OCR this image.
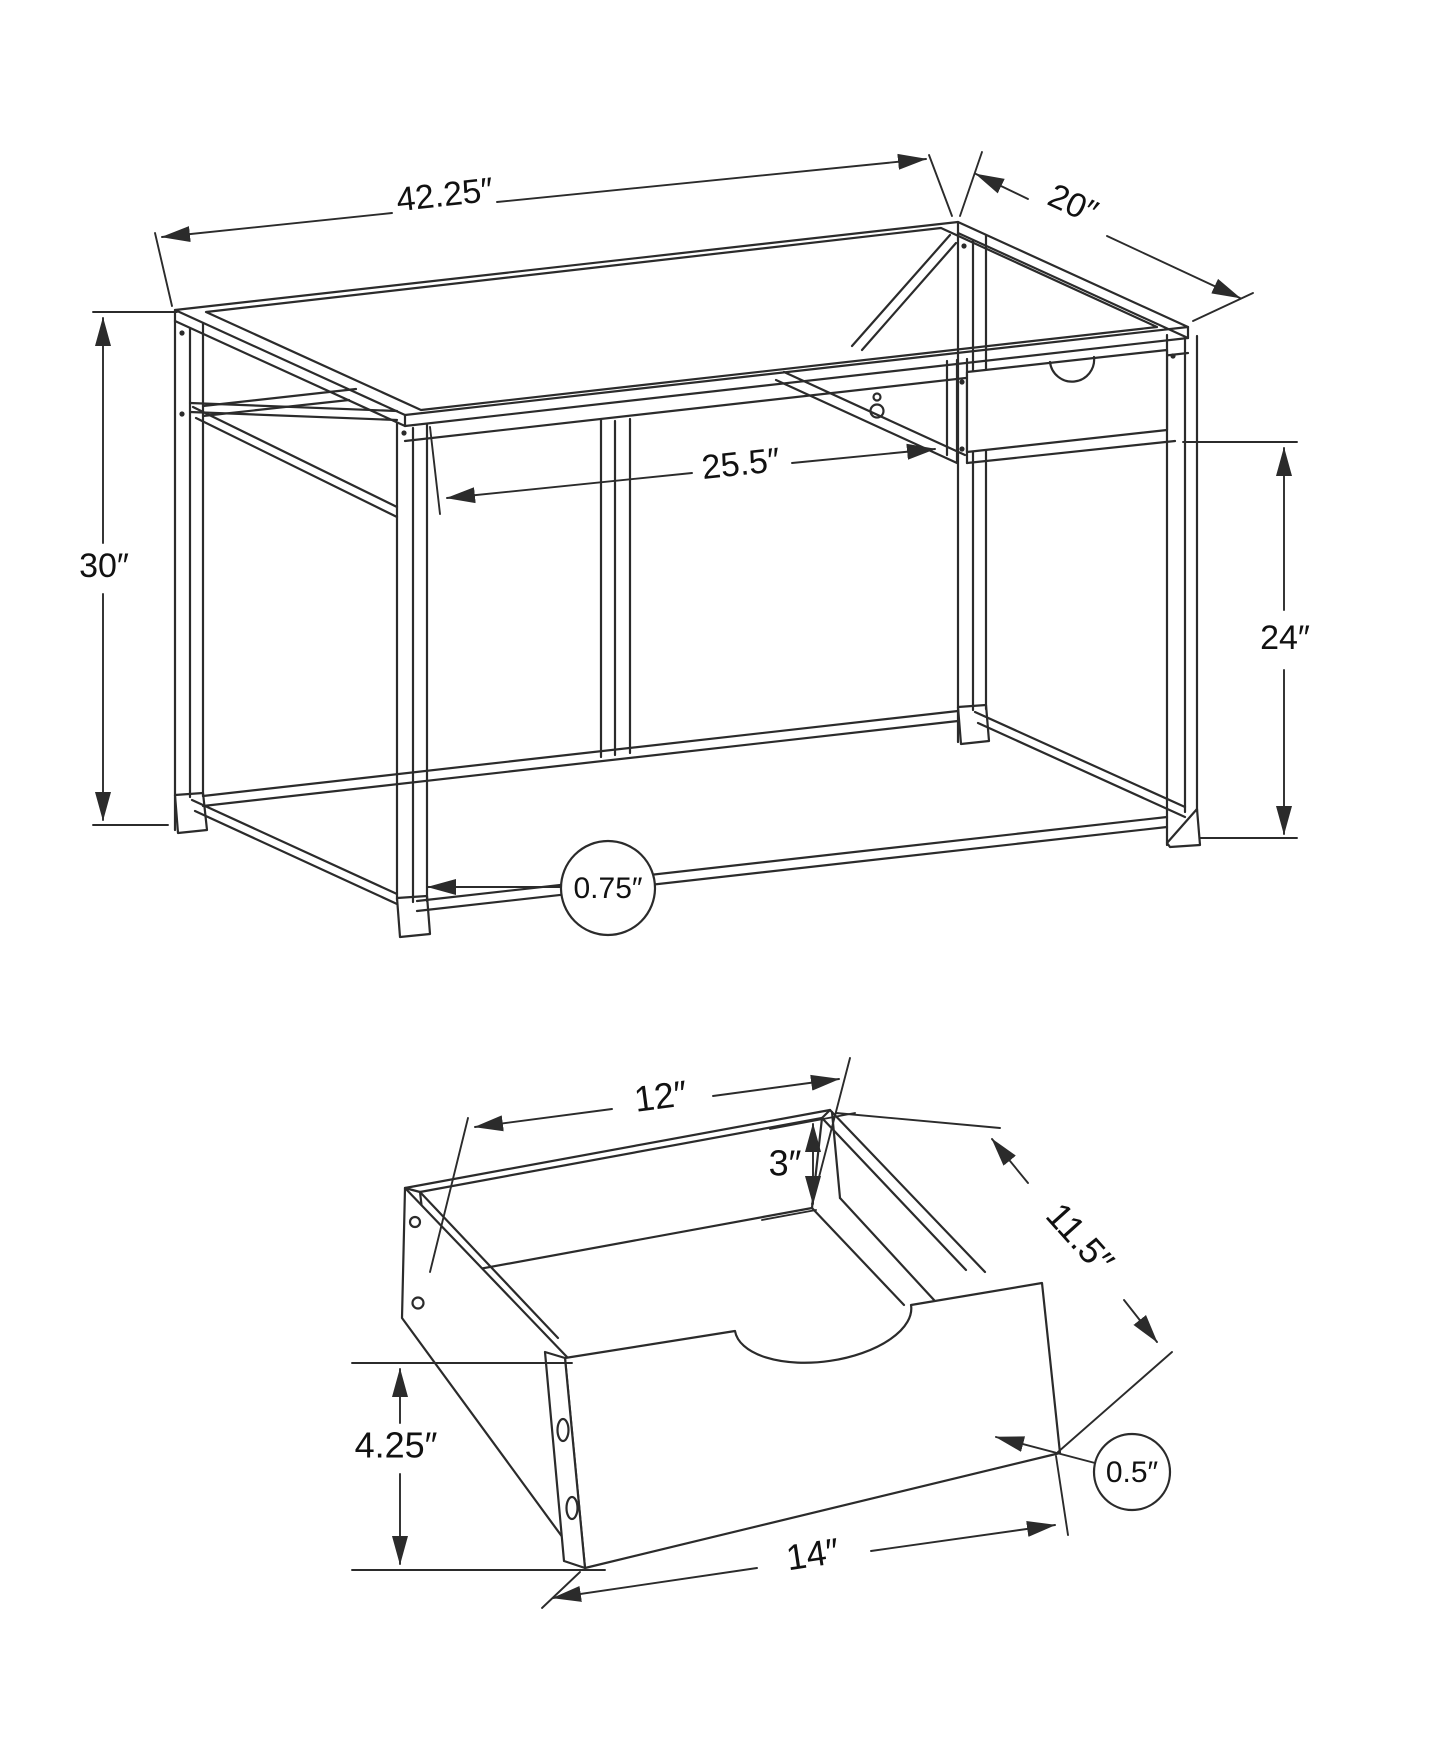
42.25″	20″
30″
25.5″
24″
0.75″
12″
3″
11.5″
4.25″
14″
0.5″
